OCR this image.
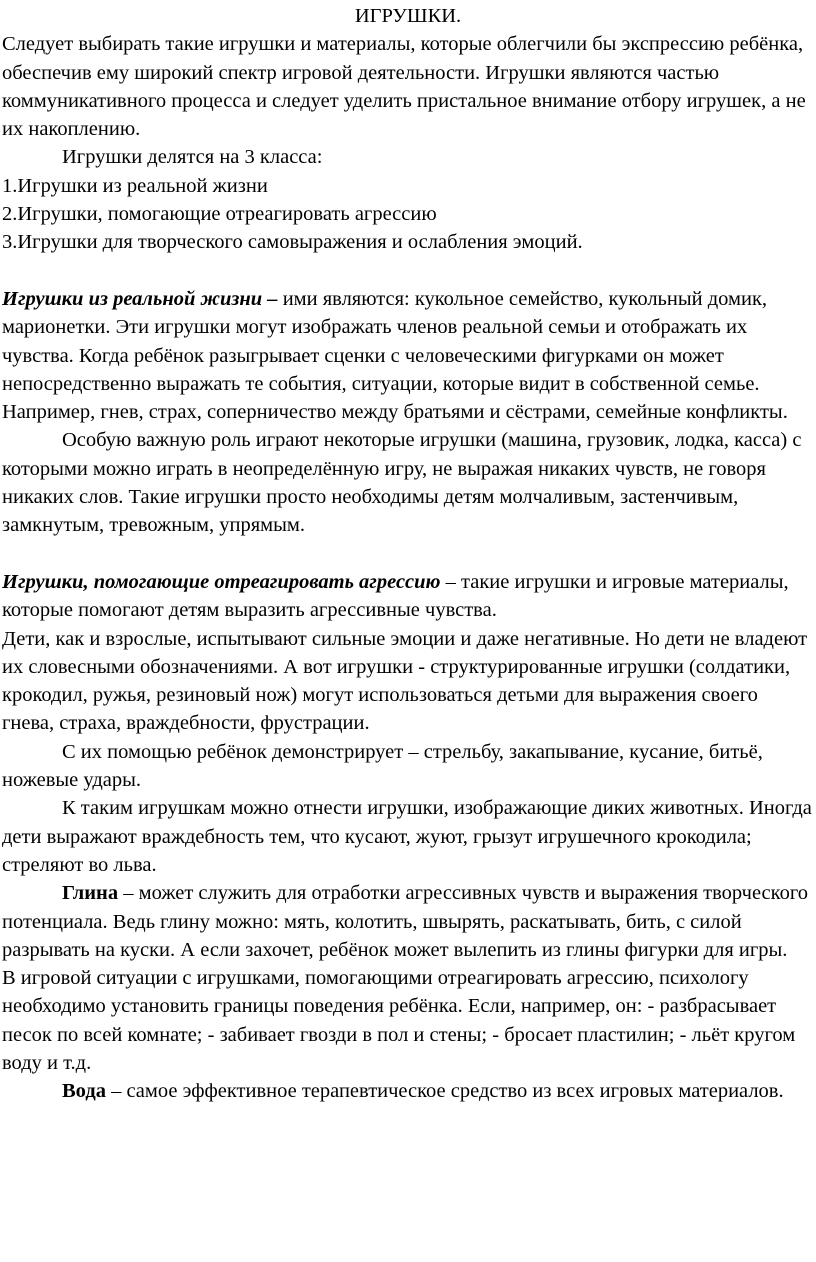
ИГРУШКИ.

Следует выбирать такие игрушки и материалы, которые облегчили бы экспрессию ребёнка, обеспечив ему широкий спектр игровой деятельности. Игрушки являются частью коммуникативного процесса и следует уделить пристальное внимание отбору игрушек, а не их накоплению.

Игрушки делятся на 3 класса:

1.Игрушки из реальной жизни

2.Игрушки, помогающие отреагировать агрессию

3.Игрушки для творческого самовыражения и ослабления эмоций.

Игрушки из реальной жизни – ими являются: кукольное семейство, кукольный домик, марионетки. Эти игрушки могут изображать членов реальной семьи и отображать их чувства. Когда ребёнок разыгрывает сценки с человеческими фигурками он может непосредственно выражать те события, ситуации, которые видит в собственной семье. Например, гнев, страх, соперничество между братьями и сёстрами, семейные конфликты.

Особую важную роль играют некоторые игрушки (машина, грузовик, лодка, касса) с которыми можно играть в неопределённую игру, не выражая никаких чувств, не говоря никаких слов. Такие игрушки просто необходимы детям молчаливым, застенчивым, замкнутым, тревожным, упрямым.

Игрушки, помогающие отреагировать агрессию – такие игрушки и игровые материалы, которые помогают детям выразить агрессивные чувства.

Дети, как и взрослые, испытывают сильные эмоции и даже негативные. Но дети не владеют их словесными обозначениями. А вот игрушки - структурированные игрушки (солдатики, крокодил, ружья, резиновый нож) могут использоваться детьми для выражения своего гнева, страха, враждебности, фрустрации.

С их помощью ребёнок демонстрирует – стрельбу, закапывание, кусание, битьё, ножевые удары.

К таким игрушкам можно отнести игрушки, изображающие диких животных. Иногда дети выражают враждебность тем, что кусают, жуют, грызут игрушечного крокодила; стреляют во льва.

Глина – может служить для отработки агрессивных чувств и выражения творческого потенциала. Ведь глину можно: мять, колотить, швырять, раскатывать, бить, с силой разрывать на куски. А если захочет, ребёнок может вылепить из глины фигурки для игры.

В игровой ситуации с игрушками, помогающими отреагировать агрессию, психологу необходимо установить границы поведения ребёнка. Если, например, он: - разбрасывает песок по всей комнате; - забивает гвозди в пол и стены; - бросает пластилин; - льёт кругом воду и т.д.

Вода – самое эффективное терапевтическое средство из всех игровых материалов.
